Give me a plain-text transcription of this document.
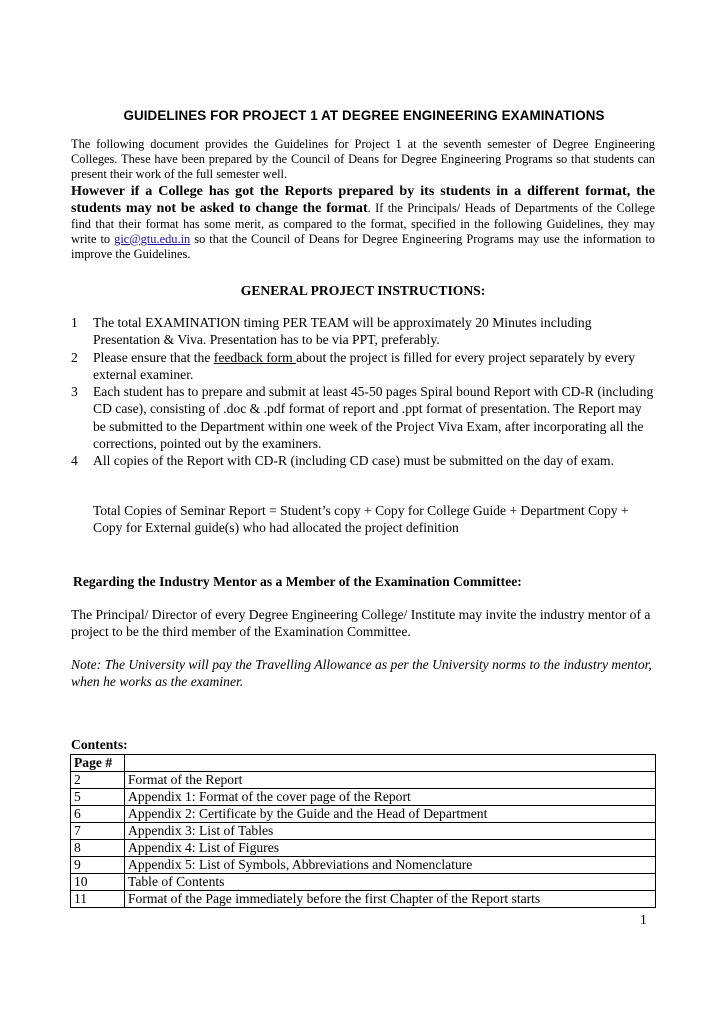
GUIDELINES FOR PROJECT 1 AT DEGREE ENGINEERING EXAMINATIONS
The following document provides the Guidelines for Project 1 at the seventh semester of Degree Engineering Colleges. These have been prepared by the Council of Deans for Degree Engineering Programs so that students can present their work of the full semester well.
However if a College has got the Reports prepared by its students in a different format, the students may not be asked to change the format. If the Principals/ Heads of Departments of the College find that their format has some merit, as compared to the format, specified in the following Guidelines, they may write to gic@gtu.edu.in so that the Council of Deans for Degree Engineering Programs may use the information to improve the Guidelines.
GENERAL PROJECT INSTRUCTIONS:
1 The total EXAMINATION timing PER TEAM will be approximately 20 Minutes including Presentation & Viva. Presentation has to be via PPT, preferably.
2 Please ensure that the feedback form about the project is filled for every project separately by every external examiner.
3 Each student has to prepare and submit at least 45-50 pages Spiral bound Report with CD-R (including CD case), consisting of .doc & .pdf format of report and .ppt format of presentation. The Report may be submitted to the Department within one week of the Project Viva Exam, after incorporating all the corrections, pointed out by the examiners.
4 All copies of the Report with CD-R (including CD case) must be submitted on the day of exam.
Total Copies of Seminar Report = Student’s copy + Copy for College Guide + Department Copy + Copy for External guide(s) who had allocated the project definition
Regarding the Industry Mentor as a Member of the Examination Committee:
The Principal/ Director of every Degree Engineering College/ Institute may invite the industry mentor of a project to be the third member of the Examination Committee.
Note: The University will pay the Travelling Allowance as per the University norms to the industry mentor, when he works as the examiner.
Contents:
Page #	
2	Format of the Report
5	Appendix 1: Format of the cover page of the Report
6	Appendix 2: Certificate by the Guide and the Head of Department
7	Appendix 3: List of Tables
8	Appendix 4: List of Figures
9	Appendix 5: List of Symbols, Abbreviations and Nomenclature
10	Table of Contents
11	Format of the Page immediately before the first Chapter of the Report starts
1
